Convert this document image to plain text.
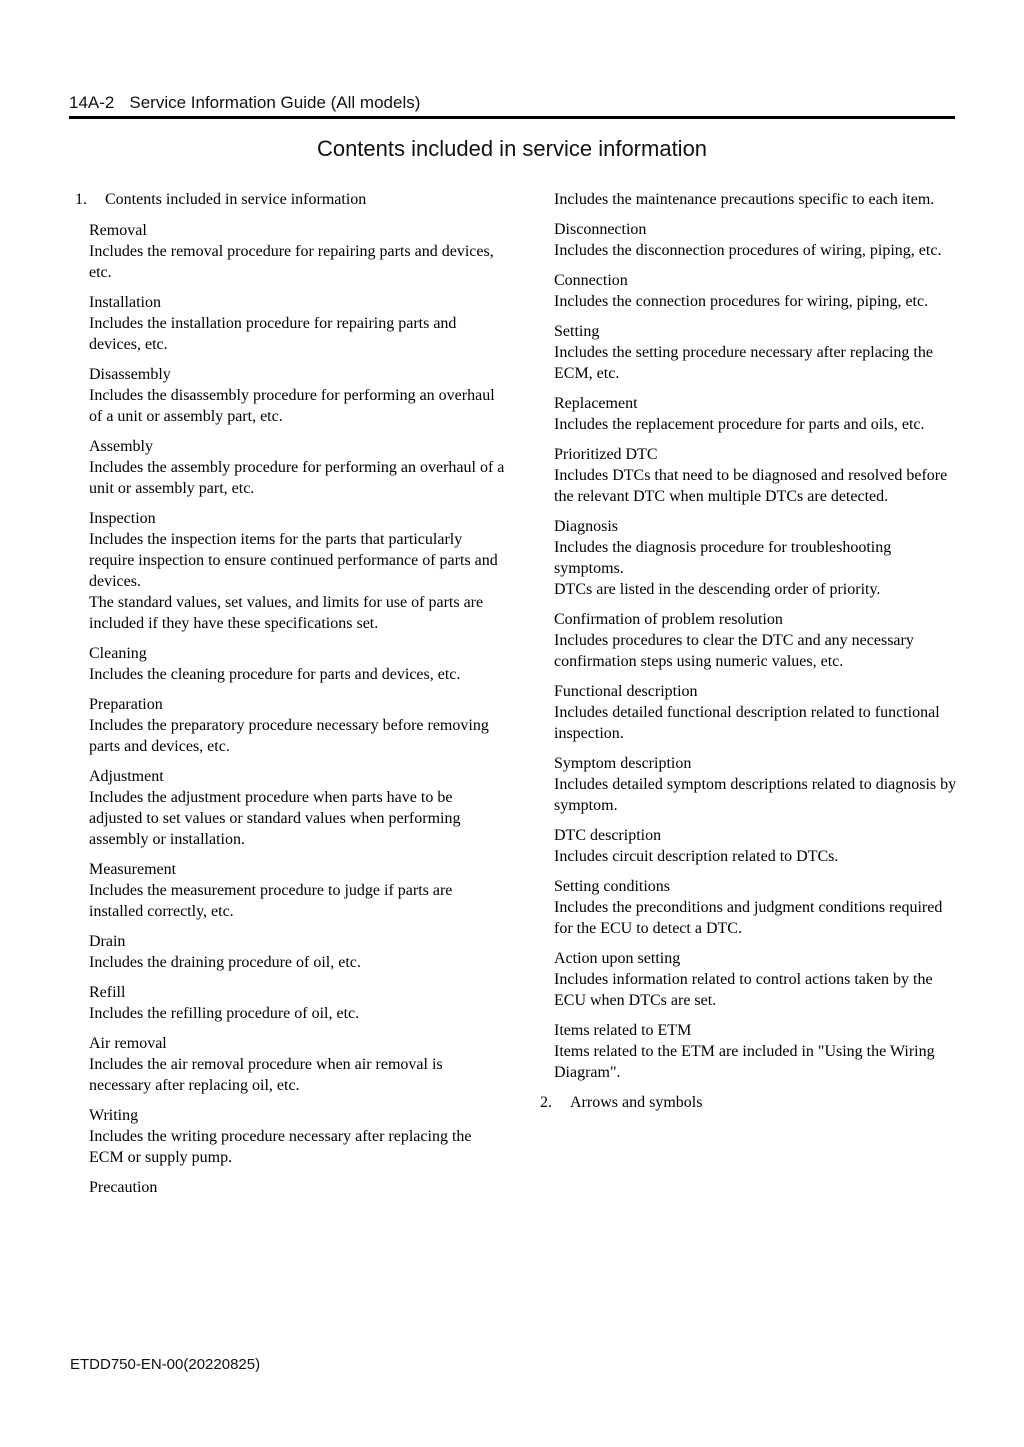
14A-2 Service Information Guide (All models)
Contents included in service information
1. Contents included in service information
Removal
Includes the removal procedure for repairing parts and devices, etc.
Installation
Includes the installation procedure for repairing parts and devices, etc.
Disassembly
Includes the disassembly procedure for performing an overhaul of a unit or assembly part, etc.
Assembly
Includes the assembly procedure for performing an overhaul of a unit or assembly part, etc.
Inspection
Includes the inspection items for the parts that particularly require inspection to ensure continued performance of parts and devices.
The standard values, set values, and limits for use of parts are included if they have these specifications set.
Cleaning
Includes the cleaning procedure for parts and devices, etc.
Preparation
Includes the preparatory procedure necessary before removing parts and devices, etc.
Adjustment
Includes the adjustment procedure when parts have to be adjusted to set values or standard values when performing assembly or installation.
Measurement
Includes the measurement procedure to judge if parts are installed correctly, etc.
Drain
Includes the draining procedure of oil, etc.
Refill
Includes the refilling procedure of oil, etc.
Air removal
Includes the air removal procedure when air removal is necessary after replacing oil, etc.
Writing
Includes the writing procedure necessary after replacing the ECM or supply pump.
Precaution
Includes the maintenance precautions specific to each item.
Disconnection
Includes the disconnection procedures of wiring, piping, etc.
Connection
Includes the connection procedures for wiring, piping, etc.
Setting
Includes the setting procedure necessary after replacing the ECM, etc.
Replacement
Includes the replacement procedure for parts and oils, etc.
Prioritized DTC
Includes DTCs that need to be diagnosed and resolved before the relevant DTC when multiple DTCs are detected.
Diagnosis
Includes the diagnosis procedure for troubleshooting symptoms.
DTCs are listed in the descending order of priority.
Confirmation of problem resolution
Includes procedures to clear the DTC and any necessary confirmation steps using numeric values, etc.
Functional description
Includes detailed functional description related to functional inspection.
Symptom description
Includes detailed symptom descriptions related to diagnosis by symptom.
DTC description
Includes circuit description related to DTCs.
Setting conditions
Includes the preconditions and judgment conditions required for the ECU to detect a DTC.
Action upon setting
Includes information related to control actions taken by the ECU when DTCs are set.
Items related to ETM
Items related to the ETM are included in "Using the Wiring Diagram".
2. Arrows and symbols
ETDD750-EN-00(20220825)
